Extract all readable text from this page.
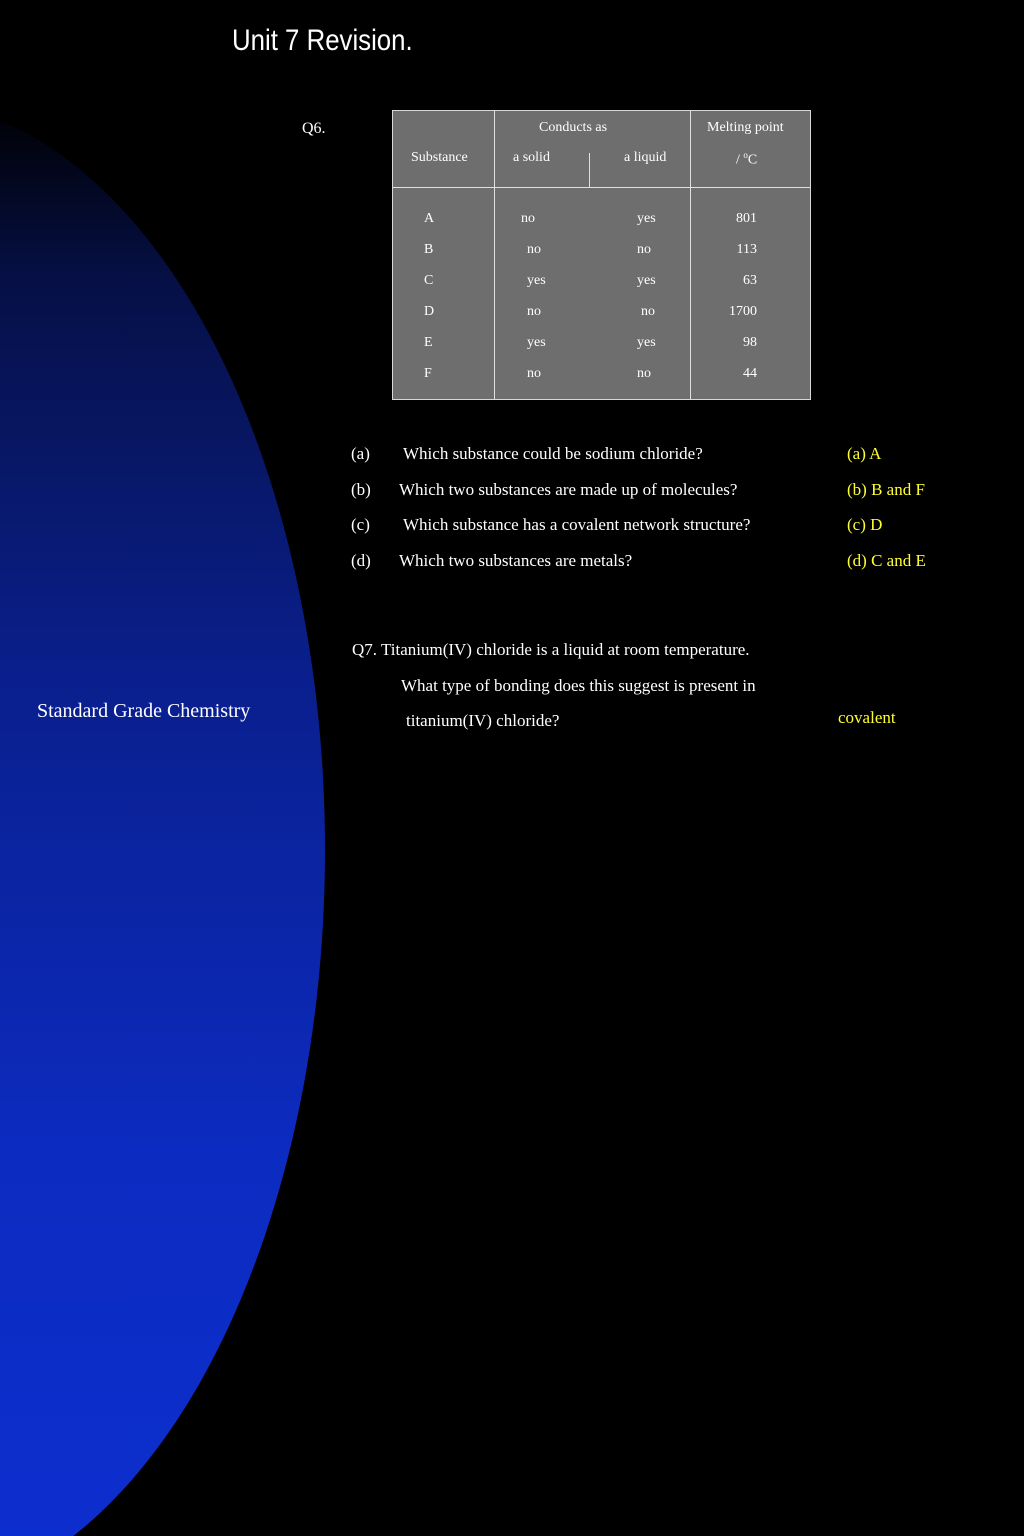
Unit 7 Revision.
Q6.	Conducts as	Melting point
Substance	a solid	a liquid	/ $^o$C
A	no	yes	801
B	no	no	113
C	yes	yes	63
D	no	no	1700
E	yes	yes	98
F	no	no	44
(a) Which substance could be sodium chloride?	(a) A
(b) Which two substances are made up of molecules?	(b) B and F
(c) Which substance has a covalent network structure?	(c) D
(d) Which two substances are metals?	(d) C and E
Q7. Titanium(IV) chloride is a liquid at room temperature.
What type of bonding does this suggest is present in
titanium(IV) chloride?	covalent
Standard Grade Chemistry
